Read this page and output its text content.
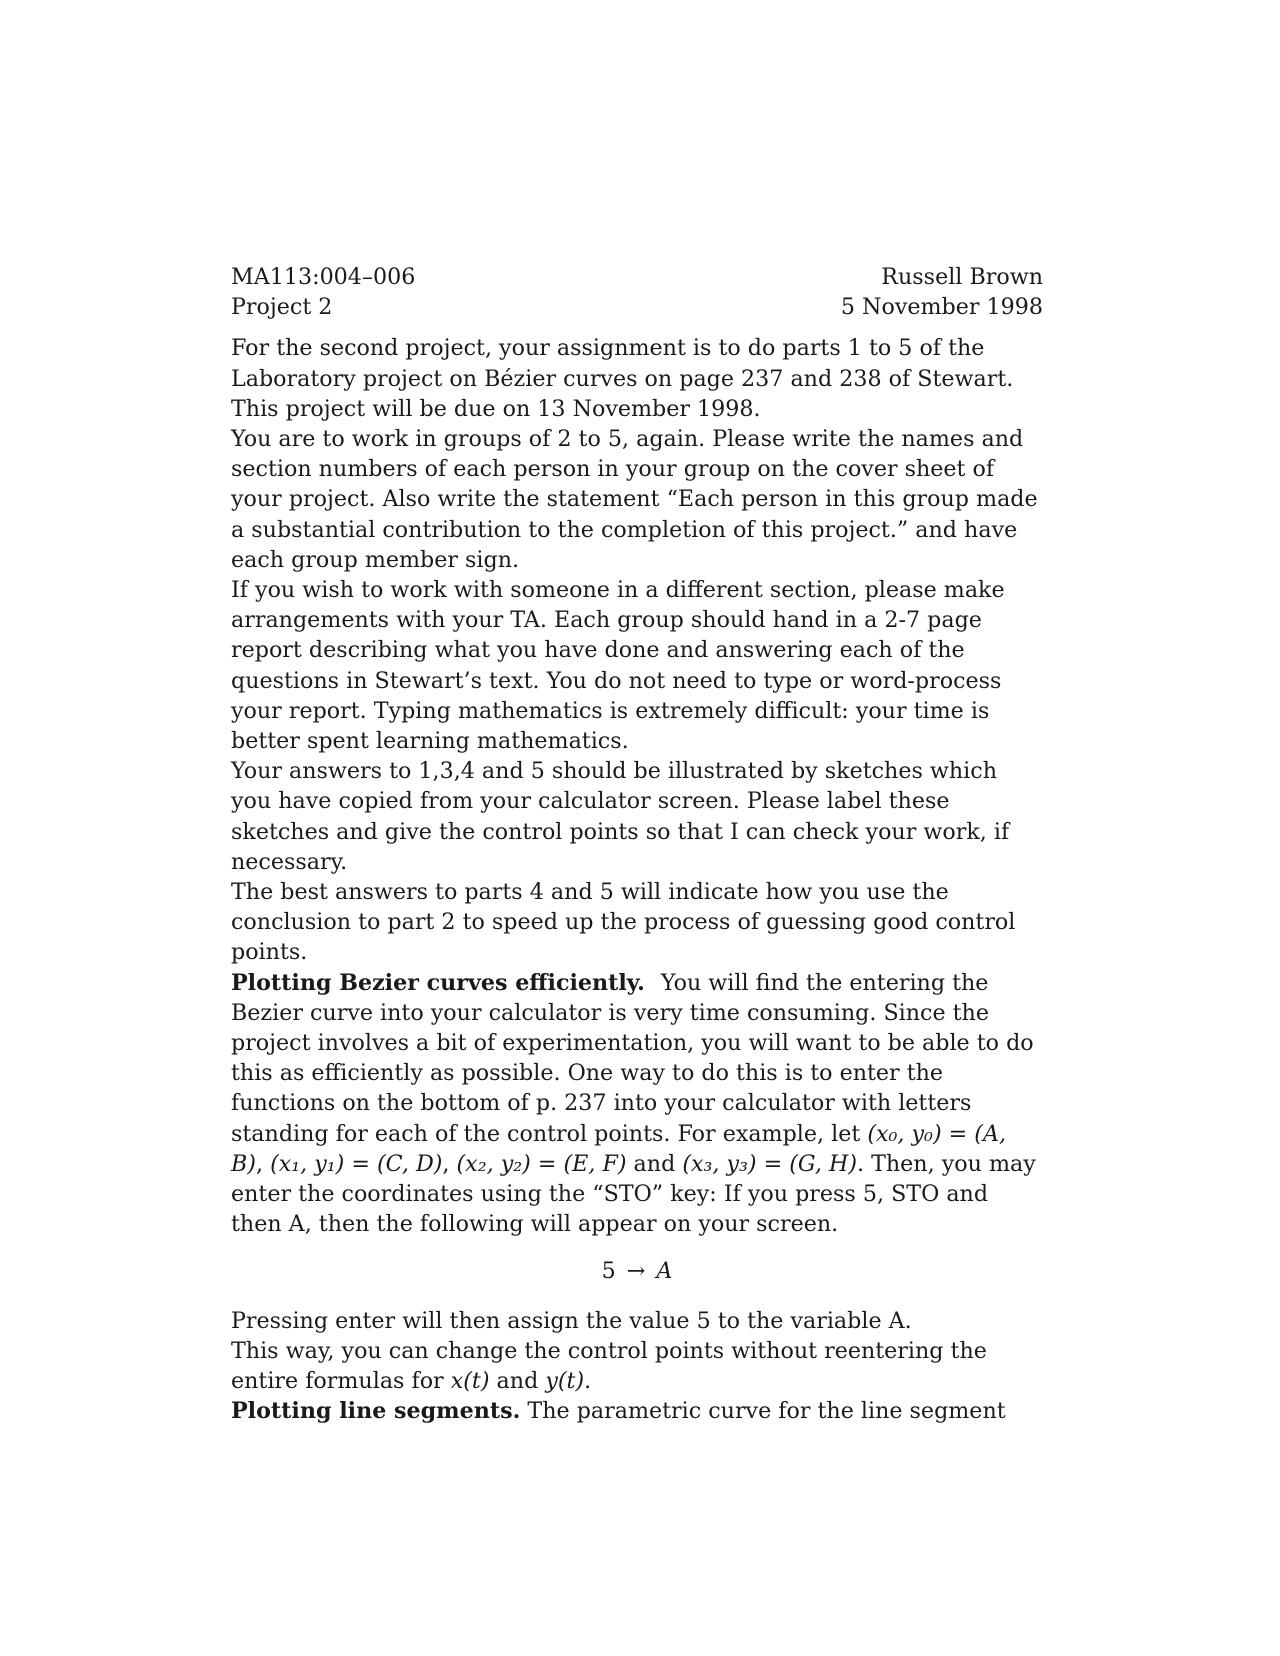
MA113:004–006
Project 2
Russell Brown
5 November 1998

For the second project, your assignment is to do parts 1 to 5 of the Laboratory project on Bézier curves on page 237 and 238 of Stewart. This project will be due on 13 November 1998.

You are to work in groups of 2 to 5, again. Please write the names and section numbers of each person in your group on the cover sheet of your project. Also write the statement “Each person in this group made a substantial contribution to the completion of this project.” and have each group member sign.

If you wish to work with someone in a different section, please make arrangements with your TA. Each group should hand in a 2-7 page report describing what you have done and answering each of the questions in Stewart’s text. You do not need to type or word-process your report. Typing mathematics is extremely difficult: your time is better spent learning mathematics.

Your answers to 1,3,4 and 5 should be illustrated by sketches which you have copied from your calculator screen. Please label these sketches and give the control points so that I can check your work, if necessary.

The best answers to parts 4 and 5 will indicate how you use the conclusion to part 2 to speed up the process of guessing good control points.

Plotting Bezier curves efficiently. You will find the entering the Bezier curve into your calculator is very time consuming. Since the project involves a bit of experimentation, you will want to be able to do this as efficiently as possible. One way to do this is to enter the functions on the bottom of p. 237 into your calculator with letters standing for each of the control points. For example, let (x₀, y₀) = (A, B), (x₁, y₁) = (C, D), (x₂, y₂) = (E, F) and (x₃, y₃) = (G, H). Then, you may enter the coordinates using the “STO” key: If you press 5, STO and then A, then the following will appear on your screen.

5 → A

Pressing enter will then assign the value 5 to the variable A.

This way, you can change the control points without reentering the entire formulas for x(t) and y(t).

Plotting line segments. The parametric curve for the line segment
